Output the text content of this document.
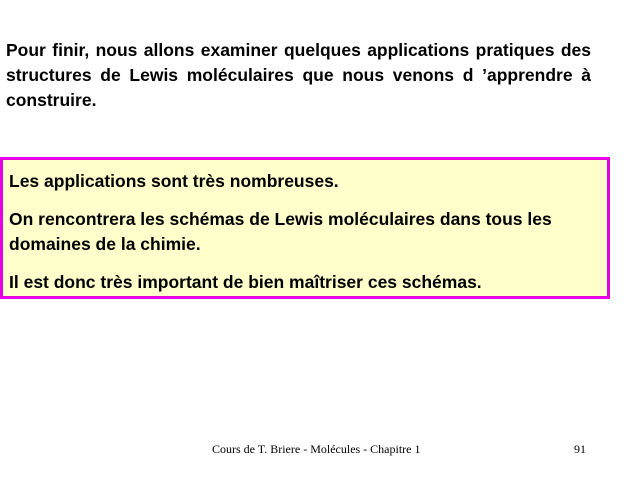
Pour finir, nous allons examiner quelques applications pratiques des structures de Lewis moléculaires que nous venons d ’apprendre à construire.

Les applications sont très nombreuses.

On rencontrera les schémas de Lewis moléculaires dans tous les domaines de la chimie.

Il est donc très important de bien maîtriser ces schémas.

Cours de T. Briere - Molécules - Chapitre 1	91
